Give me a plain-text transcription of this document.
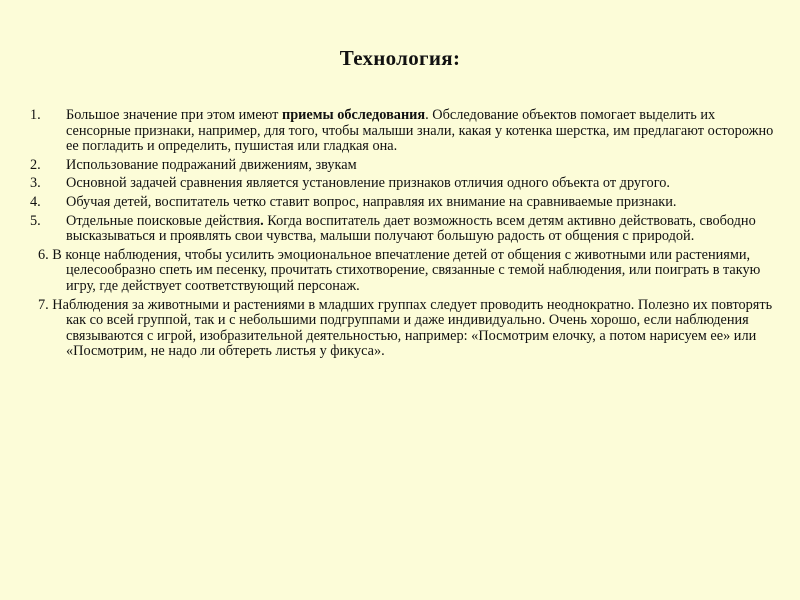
Технология:
1.	Большое значение при этом имеют приемы обследования. Обследование объектов помогает выделить их сенсорные признаки, например, для того, чтобы малыши знали, какая у котенка шерстка, им предлагают осторожно ее погладить и определить, пушистая или гладкая она.
2.	Использование подражаний движениям, звукам
3.	Основной задачей сравнения является установление признаков отличия одного объекта от другого.
4.	Обучая детей, воспитатель четко ставит вопрос, направляя их внимание на сравниваемые признаки.
5.	Отдельные поисковые действия. Когда воспитатель дает возможность всем детям активно действовать, свободно высказываться и проявлять свои чувства, малыши получают большую радость от общения с природой.
6. В конце наблюдения, чтобы усилить эмоциональное впечатление детей от общения с животными или растениями, целесообразно спеть им песенку, прочитать стихотворение, связанные с темой наблюдения, или поиграть в такую игру, где действует соответствующий персонаж.
7. Наблюдения за животными и растениями в младших группах следует проводить неоднократно. Полезно их повторять как со всей группой, так и с небольшими подгруппами и даже индивидуально. Очень хорошо, если наблюдения связываются с игрой, изобразительной деятельностью, например: «Посмотрим елочку, а потом нарисуем ее» или «Посмотрим, не надо ли обтереть листья у фикуса».
